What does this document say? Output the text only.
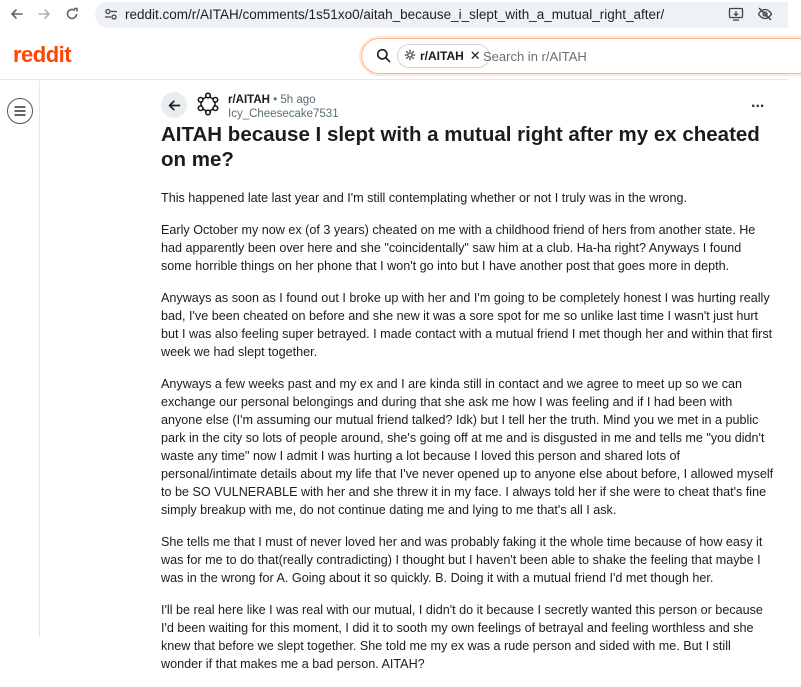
reddit.com/r/AITAH/comments/1s51xo0/aitah_because_i_slept_with_a_mutual_right_after/
reddit	r/AITAH ✕ Search in r/AITAH
r/AITAH • 5h ago
Icy_Cheesecake7531
...
AITAH because I slept with a mutual right after my ex cheated on me?

This happened late last year and I'm still contemplating whether or not I truly was in the wrong.

Early October my now ex (of 3 years) cheated on me with a childhood friend of hers from another state. He had apparently been over here and she "coincidentally" saw him at a club. Ha-ha right? Anyways I found some horrible things on her phone that I won't go into but I have another post that goes more in depth.

Anyways as soon as I found out I broke up with her and I'm going to be completely honest I was hurting really bad, I've been cheated on before and she new it was a sore spot for me so unlike last time I wasn't just hurt but I was also feeling super betrayed. I made contact with a mutual friend I met though her and within that first week we had slept together.

Anyways a few weeks past and my ex and I are kinda still in contact and we agree to meet up so we can exchange our personal belongings and during that she ask me how I was feeling and if I had been with anyone else (I'm assuming our mutual friend talked? Idk) but I tell her the truth. Mind you we met in a public park in the city so lots of people around, she's going off at me and is disgusted in me and tells me "you didn't waste any time" now I admit I was hurting a lot because I loved this person and shared lots of personal/intimate details about my life that I've never opened up to anyone else about before, I allowed myself to be SO VULNERABLE with her and she threw it in my face. I always told her if she were to cheat that's fine simply breakup with me, do not continue dating me and lying to me that's all I ask.

She tells me that I must of never loved her and was probably faking it the whole time because of how easy it was for me to do that(really contradicting) I thought but I haven't been able to shake the feeling that maybe I was in the wrong for A. Going about it so quickly. B. Doing it with a mutual friend I'd met though her.

I'll be real here like I was real with our mutual, I didn't do it because I secretly wanted this person or because I'd been waiting for this moment, I did it to sooth my own feelings of betrayal and feeling worthless and she knew that before we slept together. She told me my ex was a rude person and sided with me. But I still wonder if that makes me a bad person. AITAH?
